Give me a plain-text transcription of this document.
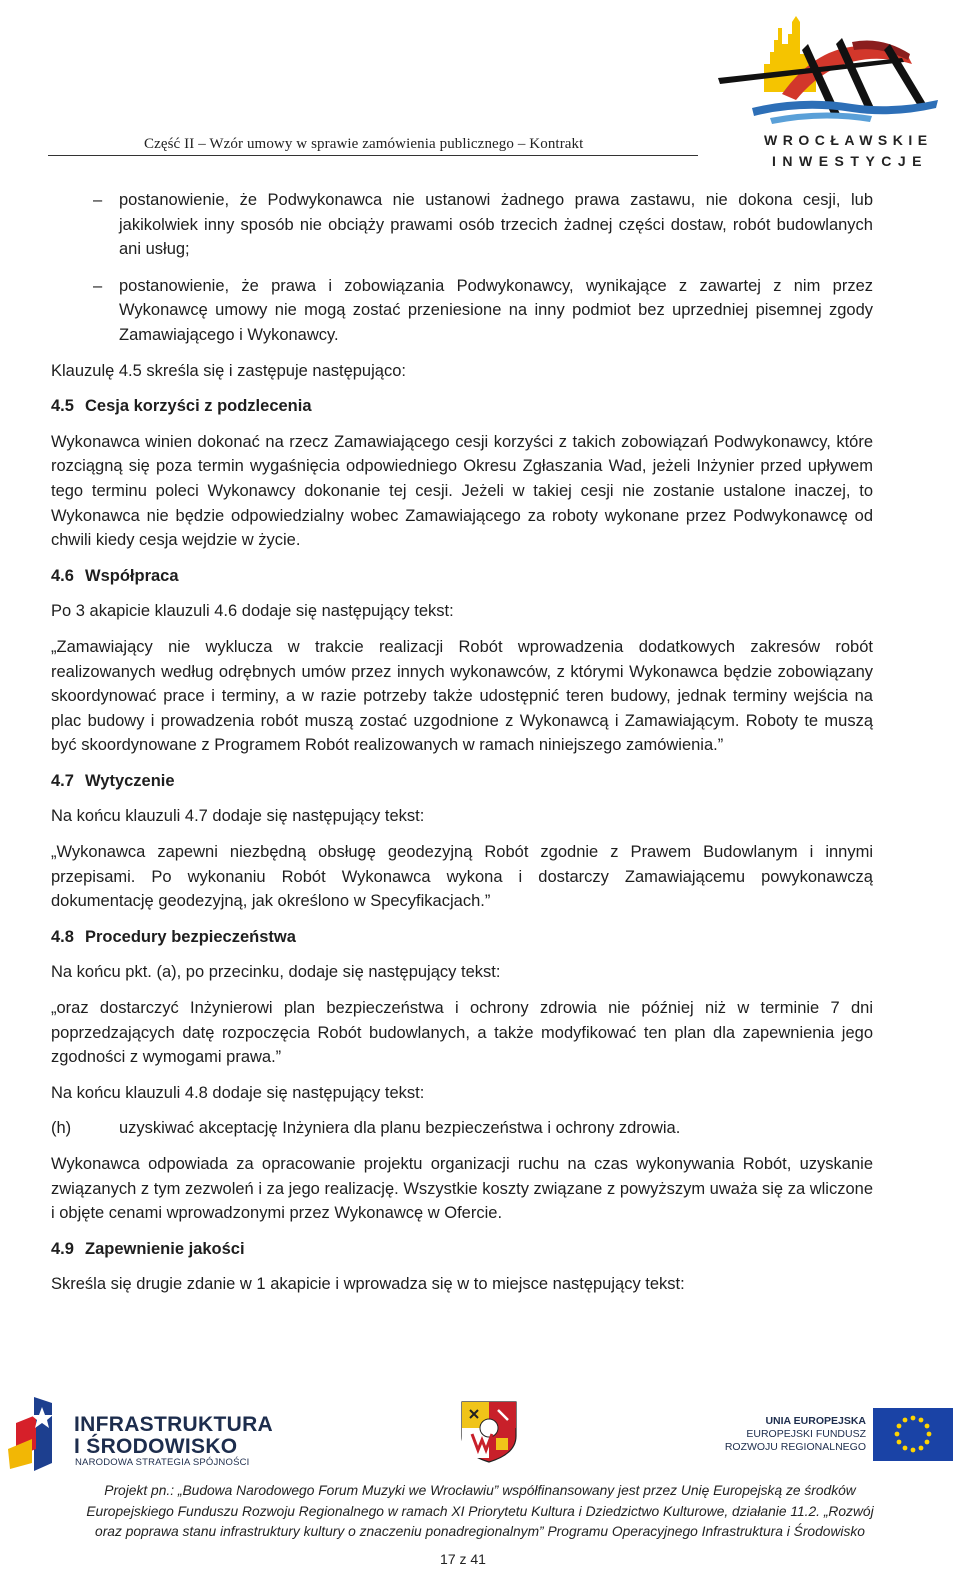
Część II – Wzór umowy w sprawie zamówienia publicznego – Kontrakt	WROCŁAWSKIE
INWESTYCJE
– postanowienie, że Podwykonawca nie ustanowi żadnego prawa zastawu, nie dokona cesji, lub jakikolwiek inny sposób nie obciąży prawami osób trzecich żadnej części dostaw, robót budowlanych ani usług;
– postanowienie, że prawa i zobowiązania Podwykonawcy, wynikające z zawartej z nim przez Wykonawcę umowy nie mogą zostać przeniesione na inny podmiot bez uprzedniej pisemnej zgody Zamawiającego i Wykonawcy.

Klauzulę 4.5 skreśla się i zastępuje następująco:

4.5 Cesja korzyści z podzlecenia

Wykonawca winien dokonać na rzecz Zamawiającego cesji korzyści z takich zobowiązań Podwykonawcy, które rozciągną się poza termin wygaśnięcia odpowiedniego Okresu Zgłaszania Wad, jeżeli Inżynier przed upływem tego terminu poleci Wykonawcy dokonanie tej cesji. Jeżeli w takiej cesji nie zostanie ustalone inaczej, to Wykonawca nie będzie odpowiedzialny wobec Zamawiającego za roboty wykonane przez Podwykonawcę od chwili kiedy cesja wejdzie w życie.

4.6 Współpraca

Po 3 akapicie klauzuli 4.6 dodaje się następujący tekst:

„Zamawiający nie wyklucza w trakcie realizacji Robót wprowadzenia dodatkowych zakresów robót realizowanych według odrębnych umów przez innych wykonawców, z którymi Wykonawca będzie zobowiązany skoordynować prace i terminy, a w razie potrzeby także udostępnić teren budowy, jednak terminy wejścia na plac budowy i prowadzenia robót muszą zostać uzgodnione z Wykonawcą i Zamawiającym. Roboty te muszą być skoordynowane z Programem Robót realizowanych w ramach niniejszego zamówienia.”

4.7 Wytyczenie

Na końcu klauzuli 4.7 dodaje się następujący tekst:

„Wykonawca zapewni niezbędną obsługę geodezyjną Robót zgodnie z Prawem Budowlanym i innymi przepisami. Po wykonaniu Robót Wykonawca wykona i dostarczy Zamawiającemu powykonawczą dokumentację geodezyjną, jak określono w Specyfikacjach.”

4.8 Procedury bezpieczeństwa

Na końcu pkt. (a), po przecinku, dodaje się następujący tekst:

„oraz dostarczyć Inżynierowi plan bezpieczeństwa i ochrony zdrowia nie później niż w terminie 7 dni poprzedzających datę rozpoczęcia Robót budowlanych, a także modyfikować ten plan dla zapewnienia jego zgodności z wymogami prawa.”

Na końcu klauzuli 4.8 dodaje się następujący tekst:

(h)	uzyskiwać akceptację Inżyniera dla planu bezpieczeństwa i ochrony zdrowia.

Wykonawca odpowiada za opracowanie projektu organizacji ruchu na czas wykonywania Robót, uzyskanie związanych z tym zezwoleń i za jego realizację. Wszystkie koszty związane z powyższym uważa się za wliczone i objęte cenami wprowadzonymi przez Wykonawcę w Ofercie.

4.9 Zapewnienie jakości

Skreśla się drugie zdanie w 1 akapicie i wprowadza się w to miejsce następujący tekst:

INFRASTRUKTURA
I ŚRODOWISKO
NARODOWA STRATEGIA SPÓJNOŚCI
UNIA EUROPEJSKA
EUROPEJSKI FUNDUSZ
ROZWOJU REGIONALNEGO
Projekt pn.: „Budowa Narodowego Forum Muzyki we Wrocławiu” współfinansowany jest przez Unię Europejską ze środków
Europejskiego Funduszu Rozwoju Regionalnego w ramach XI Priorytetu Kultura i Dziedzictwo Kulturowe, działanie 11.2. „Rozwój
oraz poprawa stanu infrastruktury kultury o znaczeniu ponadregionalnym” Programu Operacyjnego Infrastruktura i Środowisko
17 z 41
